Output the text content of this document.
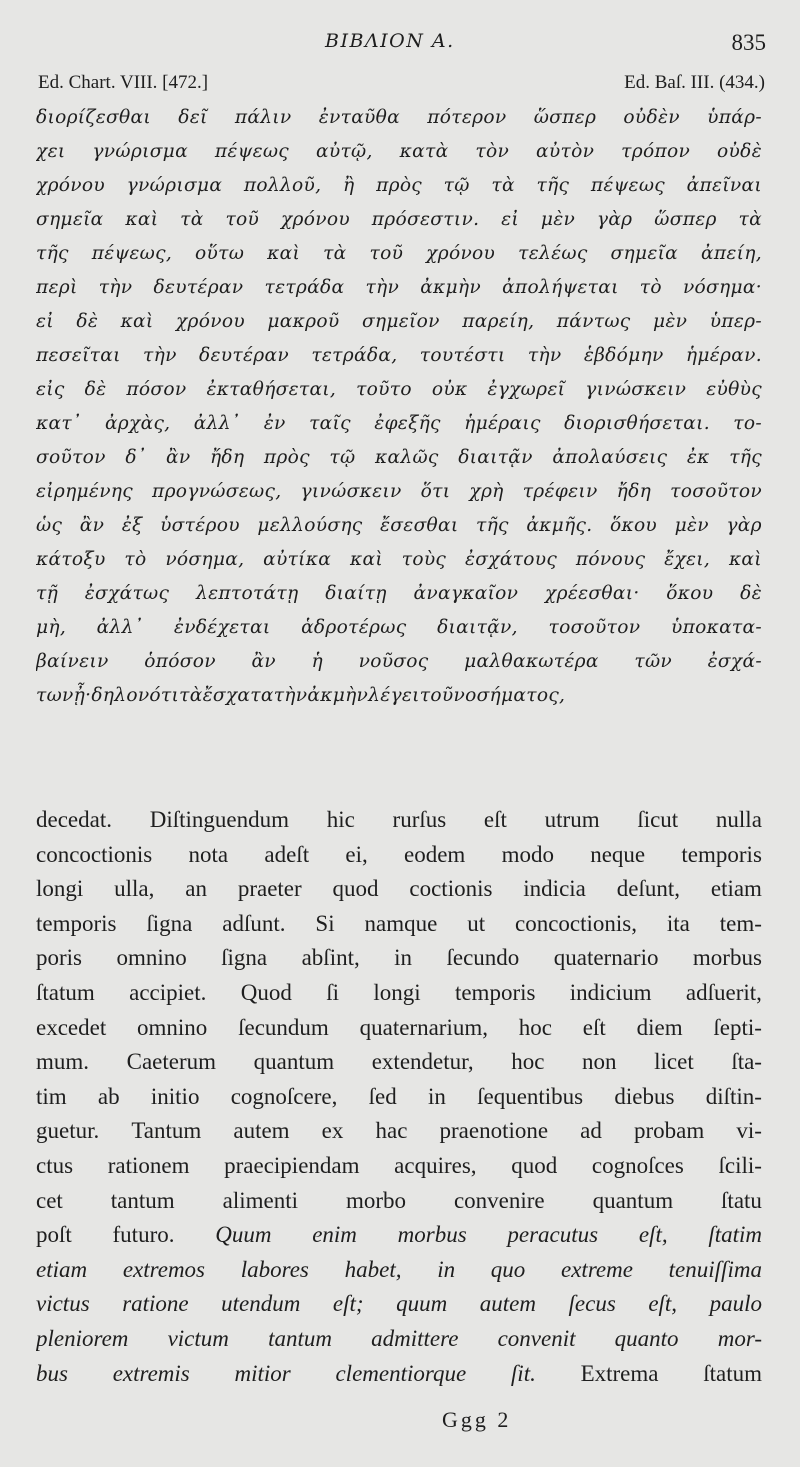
BIBΛΙΟΝ Α.	835
Ed. Chart. VIII. [472.]	Ed. Baſ. III. (434.)
διορίζεσθαι δεῖ πάλιν ἐνταῦθα πότερον ὥσπερ οὐδὲν ὑπάρ-
χει γνώρισμα πέψεως αὐτῷ, κατὰ τὸν αὐτὸν τρόπον οὐδὲ
χρόνου γνώρισμα πολλοῦ, ἢ πρὸς τῷ τὰ τῆς πέψεως ἀπεῖναι
σημεῖα καὶ τὰ τοῦ χρόνου πρόσεστιν. εἰ μὲν γὰρ ὥσπερ τὰ
τῆς πέψεως, οὕτω καὶ τὰ τοῦ χρόνου τελέως σημεῖα ἀπείη,
περὶ τὴν δευτέραν τετράδα τὴν ἀκμὴν ἀπολήψεται τὸ νόσημα·
εἰ δὲ καὶ χρόνου μακροῦ σημεῖον παρείη, πάντως μὲν ὑπερ-
πεσεῖται τὴν δευτέραν τετράδα, τουτέστι τὴν ἑβδόμην ἡμέραν.
εἰς δὲ πόσον ἐκταθήσεται, τοῦτο οὐκ ἐγχωρεῖ γινώσκειν εὐθὺς
κατ᾽ ἀρχὰς, ἀλλ᾽ ἐν ταῖς ἐφεξῆς ἡμέραις διορισθήσεται. το-
σοῦτον δ᾽ ἂν ἤδη πρὸς τῷ καλῶς διαιτᾷν ἀπολαύσεις ἐκ τῆς
εἰρημένης προγνώσεως, γινώσκειν ὅτι χρὴ τρέφειν ἤδη τοσοῦτον
ὡς ἂν ἐξ ὑστέρου μελλούσης ἔσεσθαι τῆς ἀκμῆς. ὅκου μὲν γὰρ
κάτοξυ τὸ νόσημα, αὐτίκα καὶ τοὺς ἐσχάτους πόνους ἔχει, καὶ
τῇ ἐσχάτως λεπτοτάτῃ διαίτῃ ἀναγκαῖον χρέεσθαι· ὅκου δὲ
μὴ, ἀλλ᾽ ἐνδέχεται ἁδροτέρως διαιτᾷν, τοσοῦτον ὑποκατα-
βαίνειν ὁπόσον ἂν ἡ νοῦσος μαλθακωτέρα τῶν ἐσχά-
των ᾖ· δηλονότι τὰ ἔσχατα τὴν ἀκμὴν λέγει τοῦ νοσήματος,
decedat. Diſtinguendum hic rurſus eſt utrum ſicut nulla
concoctionis nota adeſt ei, eodem modo neque temporis
longi ulla, an praeter quod coctionis indicia deſunt, etiam
temporis ſigna adſunt. Si namque ut concoctionis, ita tem-
poris omnino ſigna abſint, in ſecundo quaternario morbus
ſtatum accipiet. Quod ſi longi temporis indicium adſuerit,
excedet omnino ſecundum quaternarium, hoc eſt diem ſepti-
mum. Caeterum quantum extendetur, hoc non licet ſta-
tim ab initio cognoſcere, ſed in ſequentibus diebus diſtin-
guetur. Tantum autem ex hac praenotione ad probam vi-
ctus rationem praecipiendam acquires, quod cognoſces ſcili-
cet tantum alimenti morbo convenire quantum ſtatu
poſt futuro. Quum enim morbus peracutus eſt, ſtatim
etiam extremos labores habet, in quo extreme tenuiſſima
victus ratione utendum eſt; quum autem ſecus eſt, paulo
pleniorem victum tantum admittere convenit quanto mor-
bus extremis mitior clementiorque ſit. Extrema ſtatum
Ggg 2
